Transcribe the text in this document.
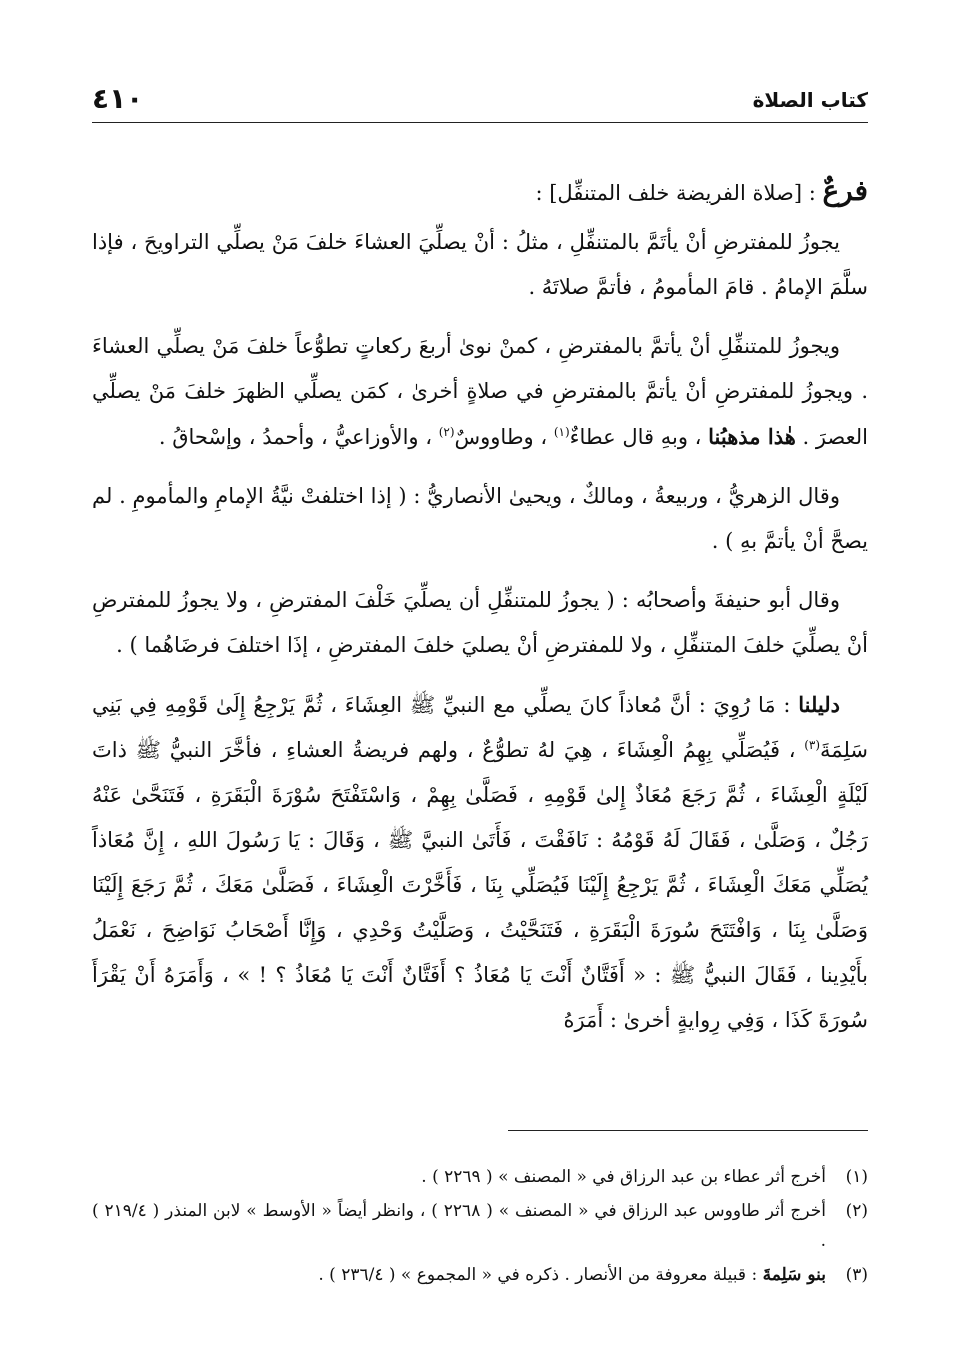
كتاب الصلاة
٤١٠

فرعٌ : [صلاة الفريضة خلف المتنفِّل] :

يجوزُ للمفترضِ أنْ يأتَمَّ بالمتنفِّلِ ، مثلُ : أنْ يصلِّيَ العشاءَ خلفَ مَنْ يصلِّي التراويحَ ، فإذا سلَّمَ الإمامُ . قامَ المأمومُ ، فأتمَّ صلاتَهُ .

ويجوزُ للمتنفِّلِ أنْ يأتمَّ بالمفترضِ ، كمنْ نوىٰ أربعَ ركعاتٍ تطوُّعاً خلفَ مَنْ يصلِّي العشاءَ . ويجوزُ للمفترضِ أنْ يأتمَّ بالمفترضِ في صلاةٍ أخرىٰ ، كمَن يصلِّي الظهرَ خلفَ مَنْ يصلِّي العصرَ . هٰذا مذهبُنا ، وبهِ قال عطاءٌ$^{(١)}$ ، وطاووسٌ$^{(٢)}$ ، والأوزاعيُّ ، وأحمدُ ، وإسْحاقُ .

وقال الزهريُّ ، وربيعةُ ، ومالكٌ ، ويحيىٰ الأنصاريُّ : ( إذا اختلفتْ نيَّةُ الإمامِ والمأمومِ . لم يصحَّ أنْ يأتمَّ بهِ ) .

وقال أبو حنيفةَ وأصحابُه : ( يجوزُ للمتنفِّلِ أن يصلِّيَ خَلْفَ المفترضِ ، ولا يجوزُ للمفترضِ أنْ يصلِّيَ خلفَ المتنفِّلِ ، ولا للمفترضِ أنْ يصليَ خلفَ المفترضِ ، إذَا اختلفَ فرضَاهُما ) .

دليلنا : مَا رُوِيَ : أنَّ مُعاذاً كانَ يصلِّي مع النبيِّ ﷺ العِشَاءَ ، ثُمَّ يَرْجِعُ إِلَىٰ قَوْمِهِ فِي بَنِي سَلِمَةَ$^{(٣)}$ ، فَيُصَلِّي بِهِمُ الْعِشَاءَ ، هِيَ لهُ تطوُّعٌ ، ولهم فريضةُ العشاءِ ، فأخَّرَ النبيُّ ﷺ ذاتَ لَيْلَةٍ الْعِشَاءَ ، ثُمَّ رَجَعَ مُعَاذٌ إِلىٰ قَوْمِهِ ، فَصَلَّىٰ بِهِمْ ، وَاسْتَفْتَحَ سُوْرَةَ الْبَقَرَةِ ، فَتَنَحَّىٰ عَنْهُ رَجُلٌ ، وَصَلَّىٰ ، فَقَالَ لَهُ قَوْمُهُ : نَافَقْتَ ، فَأَتَىٰ النبيَّ ﷺ ، وَقَالَ : يَا رَسُولَ اللهِ ، إِنَّ مُعَاذاً يُصَلِّي مَعَكَ الْعِشَاءَ ، ثُمَّ يَرْجِعُ إِلَيْنَا فَيُصَلِّي بِنَا ، فَأَخَّرْتَ الْعِشَاءَ ، فَصَلَّىٰ مَعَكَ ، ثُمَّ رَجَعَ إِلَيْنَا وَصَلَّىٰ بِنَا ، وَافْتَتَحَ سُورَةَ الْبَقَرَةِ ، فَتَنَحَّيْتُ ، وَصَلَّيْتُ وَحْدِي ، وَإِنَّا أَصْحَابُ نَوَاضِحَ ، نَعْمَلُ بأَيْدِينا ، فَقَالَ النبيُّ ﷺ : « أَفَتَّانٌ أَنْتَ يَا مُعَاذُ ؟ أَفَتَّانٌ أَنْتَ يَا مُعَاذُ ؟ ! » ، وَأَمَرَهُ أَنْ يَقْرَأَ سُورَةَ كَذَا ، وَفِي رِوايةٍ أخرىٰ : أَمَرَهُ

(١)
أخرج أثر عطاء بن عبد الرزاق في « المصنف » ( ٢٢٦٩ ) .
(٢)
أخرج أثر طاووس عبد الرزاق في « المصنف » ( ٢٢٦٨ ) ، وانظر أيضاً « الأوسط » لابن المنذر ( ٢١٩/٤ ) .
(٣)
بنو سَلِمةَ : قبيلة معروفة من الأنصار . ذكره في « المجموع » ( ٢٣٦/٤ ) .
